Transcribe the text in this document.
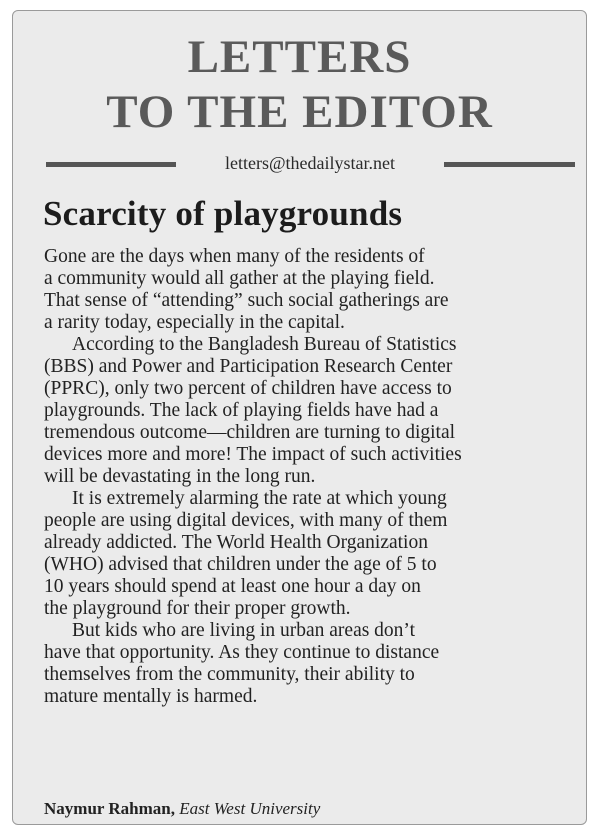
LETTERS
TO THE EDITOR
letters@thedailystar.net
Scarcity of playgrounds

Gone are the days when many of the residents of
a community would all gather at the playing field.
That sense of “attending” such social gatherings are
a rarity today, especially in the capital.

According to the Bangladesh Bureau of Statistics
(BBS) and Power and Participation Research Center
(PPRC), only two percent of children have access to
playgrounds. The lack of playing fields have had a
tremendous outcome—children are turning to digital
devices more and more! The impact of such activities
will be devastating in the long run.

It is extremely alarming the rate at which young
people are using digital devices, with many of them
already addicted. The World Health Organization
(WHO) advised that children under the age of 5 to
10 years should spend at least one hour a day on
the playground for their proper growth.

But kids who are living in urban areas don’t
have that opportunity. As they continue to distance
themselves from the community, their ability to
mature mentally is harmed.

Naymur Rahman, East West University
